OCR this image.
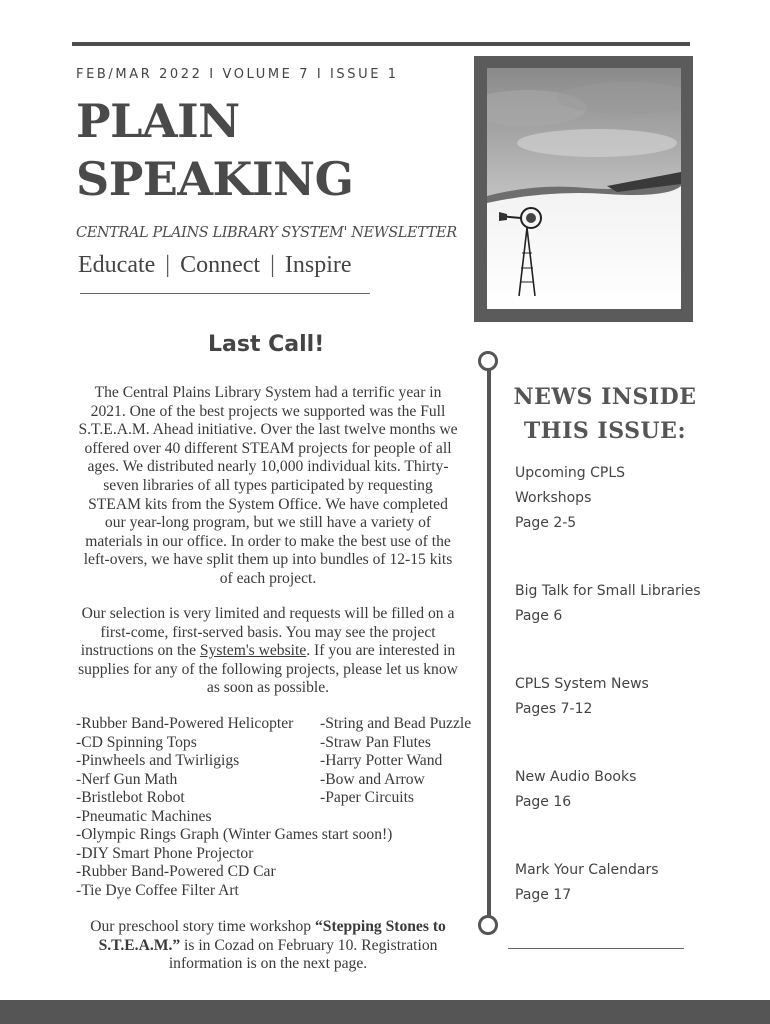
FEB/MAR 2022 I VOLUME 7 I ISSUE 1
PLAIN
SPEAKING
CENTRAL PLAINS LIBRARY SYSTEM' NEWSLETTER
Educate | Connect | Inspire
Last Call!

The Central Plains Library System had a terrific year in 2021. One of the best projects we supported was the Full S.T.E.A.M. Ahead initiative. Over the last twelve months we offered over 40 different STEAM projects for people of all ages. We distributed nearly 10,000 individual kits. Thirty-seven libraries of all types participated by requesting STEAM kits from the System Office. We have completed our year-long program, but we still have a variety of materials in our office. In order to make the best use of the left-overs, we have split them up into bundles of 12-15 kits of each project.

Our selection is very limited and requests will be filled on a first-come, first-served basis. You may see the project instructions on the System's website. If you are interested in supplies for any of the following projects, please let us know as soon as possible.

-Rubber Band-Powered Helicopter
-CD Spinning Tops
-Pinwheels and Twirligigs
-Nerf Gun Math
-Bristlebot Robot
-Pneumatic Machines
-Olympic Rings Graph (Winter Games start soon!)
-DIY Smart Phone Projector
-Rubber Band-Powered CD Car
-Tie Dye Coffee Filter Art
-String and Bead Puzzle
-Straw Pan Flutes
-Harry Potter Wand
-Bow and Arrow
-Paper Circuits

Our preschool story time workshop “Stepping Stones to S.T.E.A.M.” is in Cozad on February 10. Registration information is on the next page.

NEWS INSIDE
THIS ISSUE:
Upcoming CPLS
Workshops
Page 2-5
Big Talk for Small Libraries
Page 6
CPLS System News
Pages 7-12
New Audio Books
Page 16
Mark Your Calendars
Page 17
